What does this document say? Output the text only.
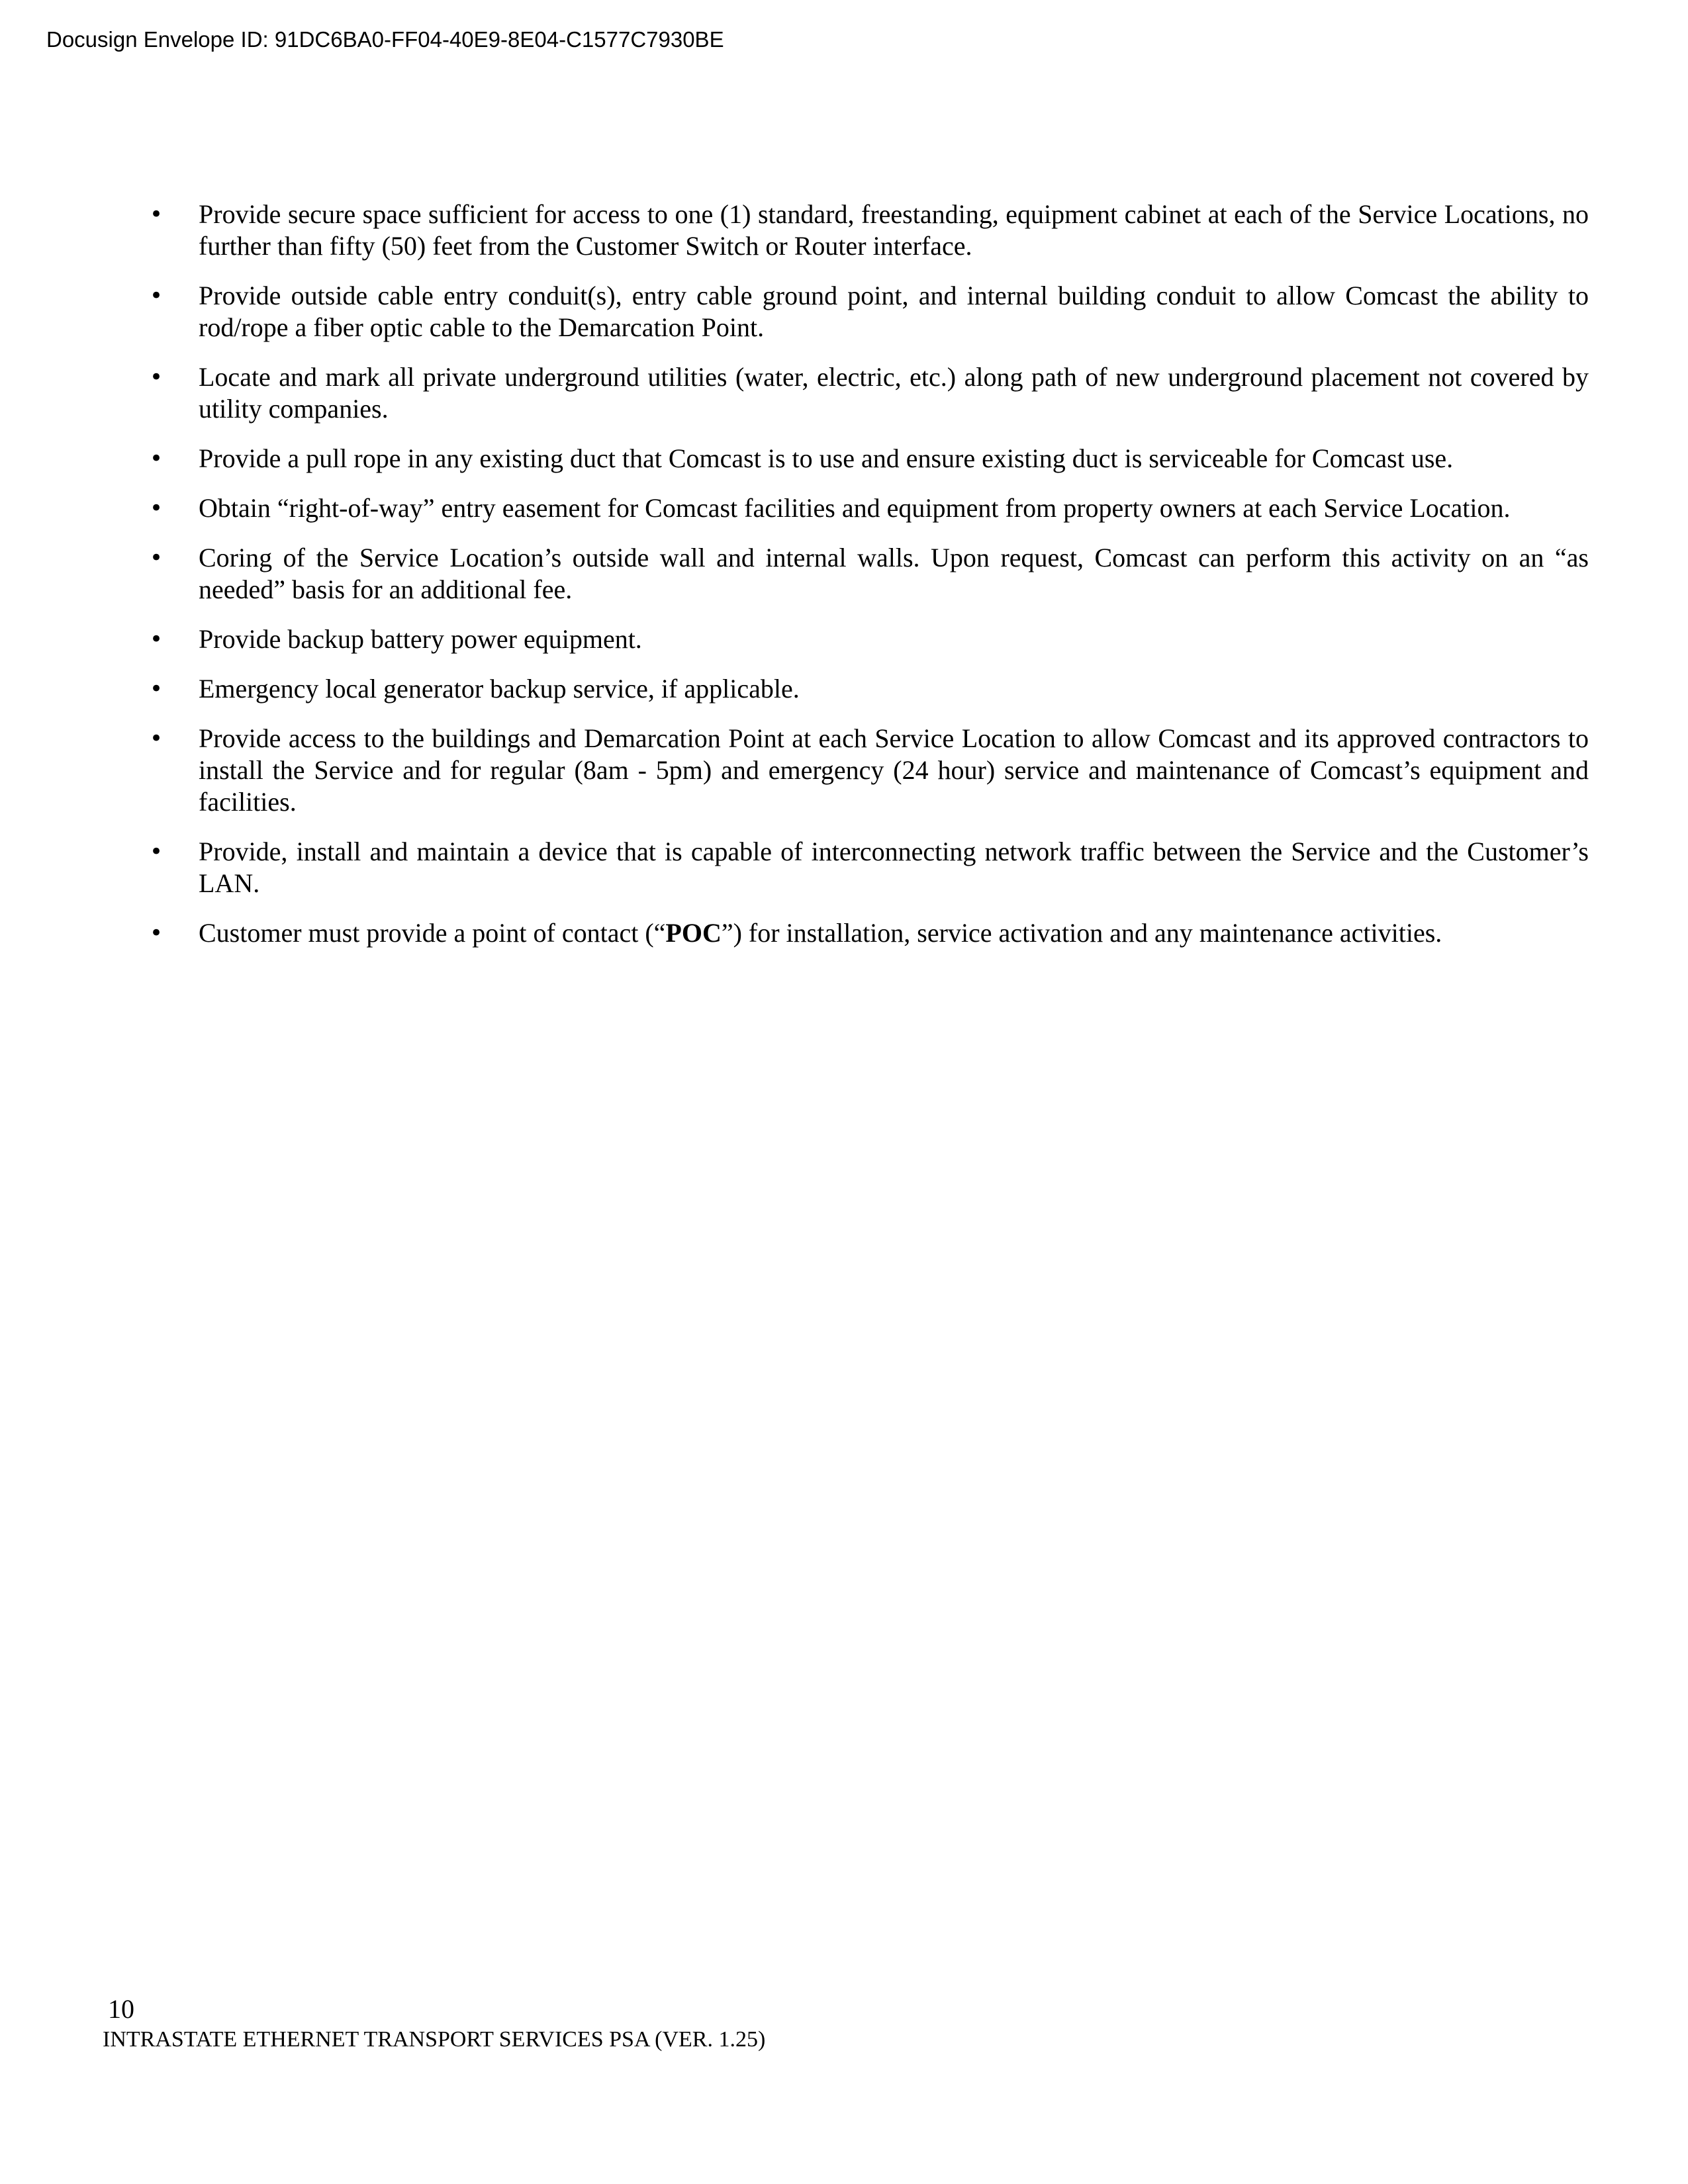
Docusign Envelope ID: 91DC6BA0-FF04-40E9-8E04-C1577C7930BE
• Provide secure space sufficient for access to one (1) standard, freestanding, equipment cabinet at each of the Service Locations, no further than fifty (50) feet from the Customer Switch or Router interface.
• Provide outside cable entry conduit(s), entry cable ground point, and internal building conduit to allow Comcast the ability to rod/rope a fiber optic cable to the Demarcation Point.
• Locate and mark all private underground utilities (water, electric, etc.) along path of new underground placement not covered by utility companies.
• Provide a pull rope in any existing duct that Comcast is to use and ensure existing duct is serviceable for Comcast use.
• Obtain “right-of-way” entry easement for Comcast facilities and equipment from property owners at each Service Location.
• Coring of the Service Location’s outside wall and internal walls. Upon request, Comcast can perform this activity on an “as needed” basis for an additional fee.
• Provide backup battery power equipment.
• Emergency local generator backup service, if applicable.
• Provide access to the buildings and Demarcation Point at each Service Location to allow Comcast and its approved contractors to install the Service and for regular (8am - 5pm) and emergency (24 hour) service and maintenance of Comcast’s equipment and facilities.
• Provide, install and maintain a device that is capable of interconnecting network traffic between the Service and the Customer’s LAN.
• Customer must provide a point of contact (“POC”) for installation, service activation and any maintenance activities.
10
INTRASTATE ETHERNET TRANSPORT SERVICES PSA (VER. 1.25)
